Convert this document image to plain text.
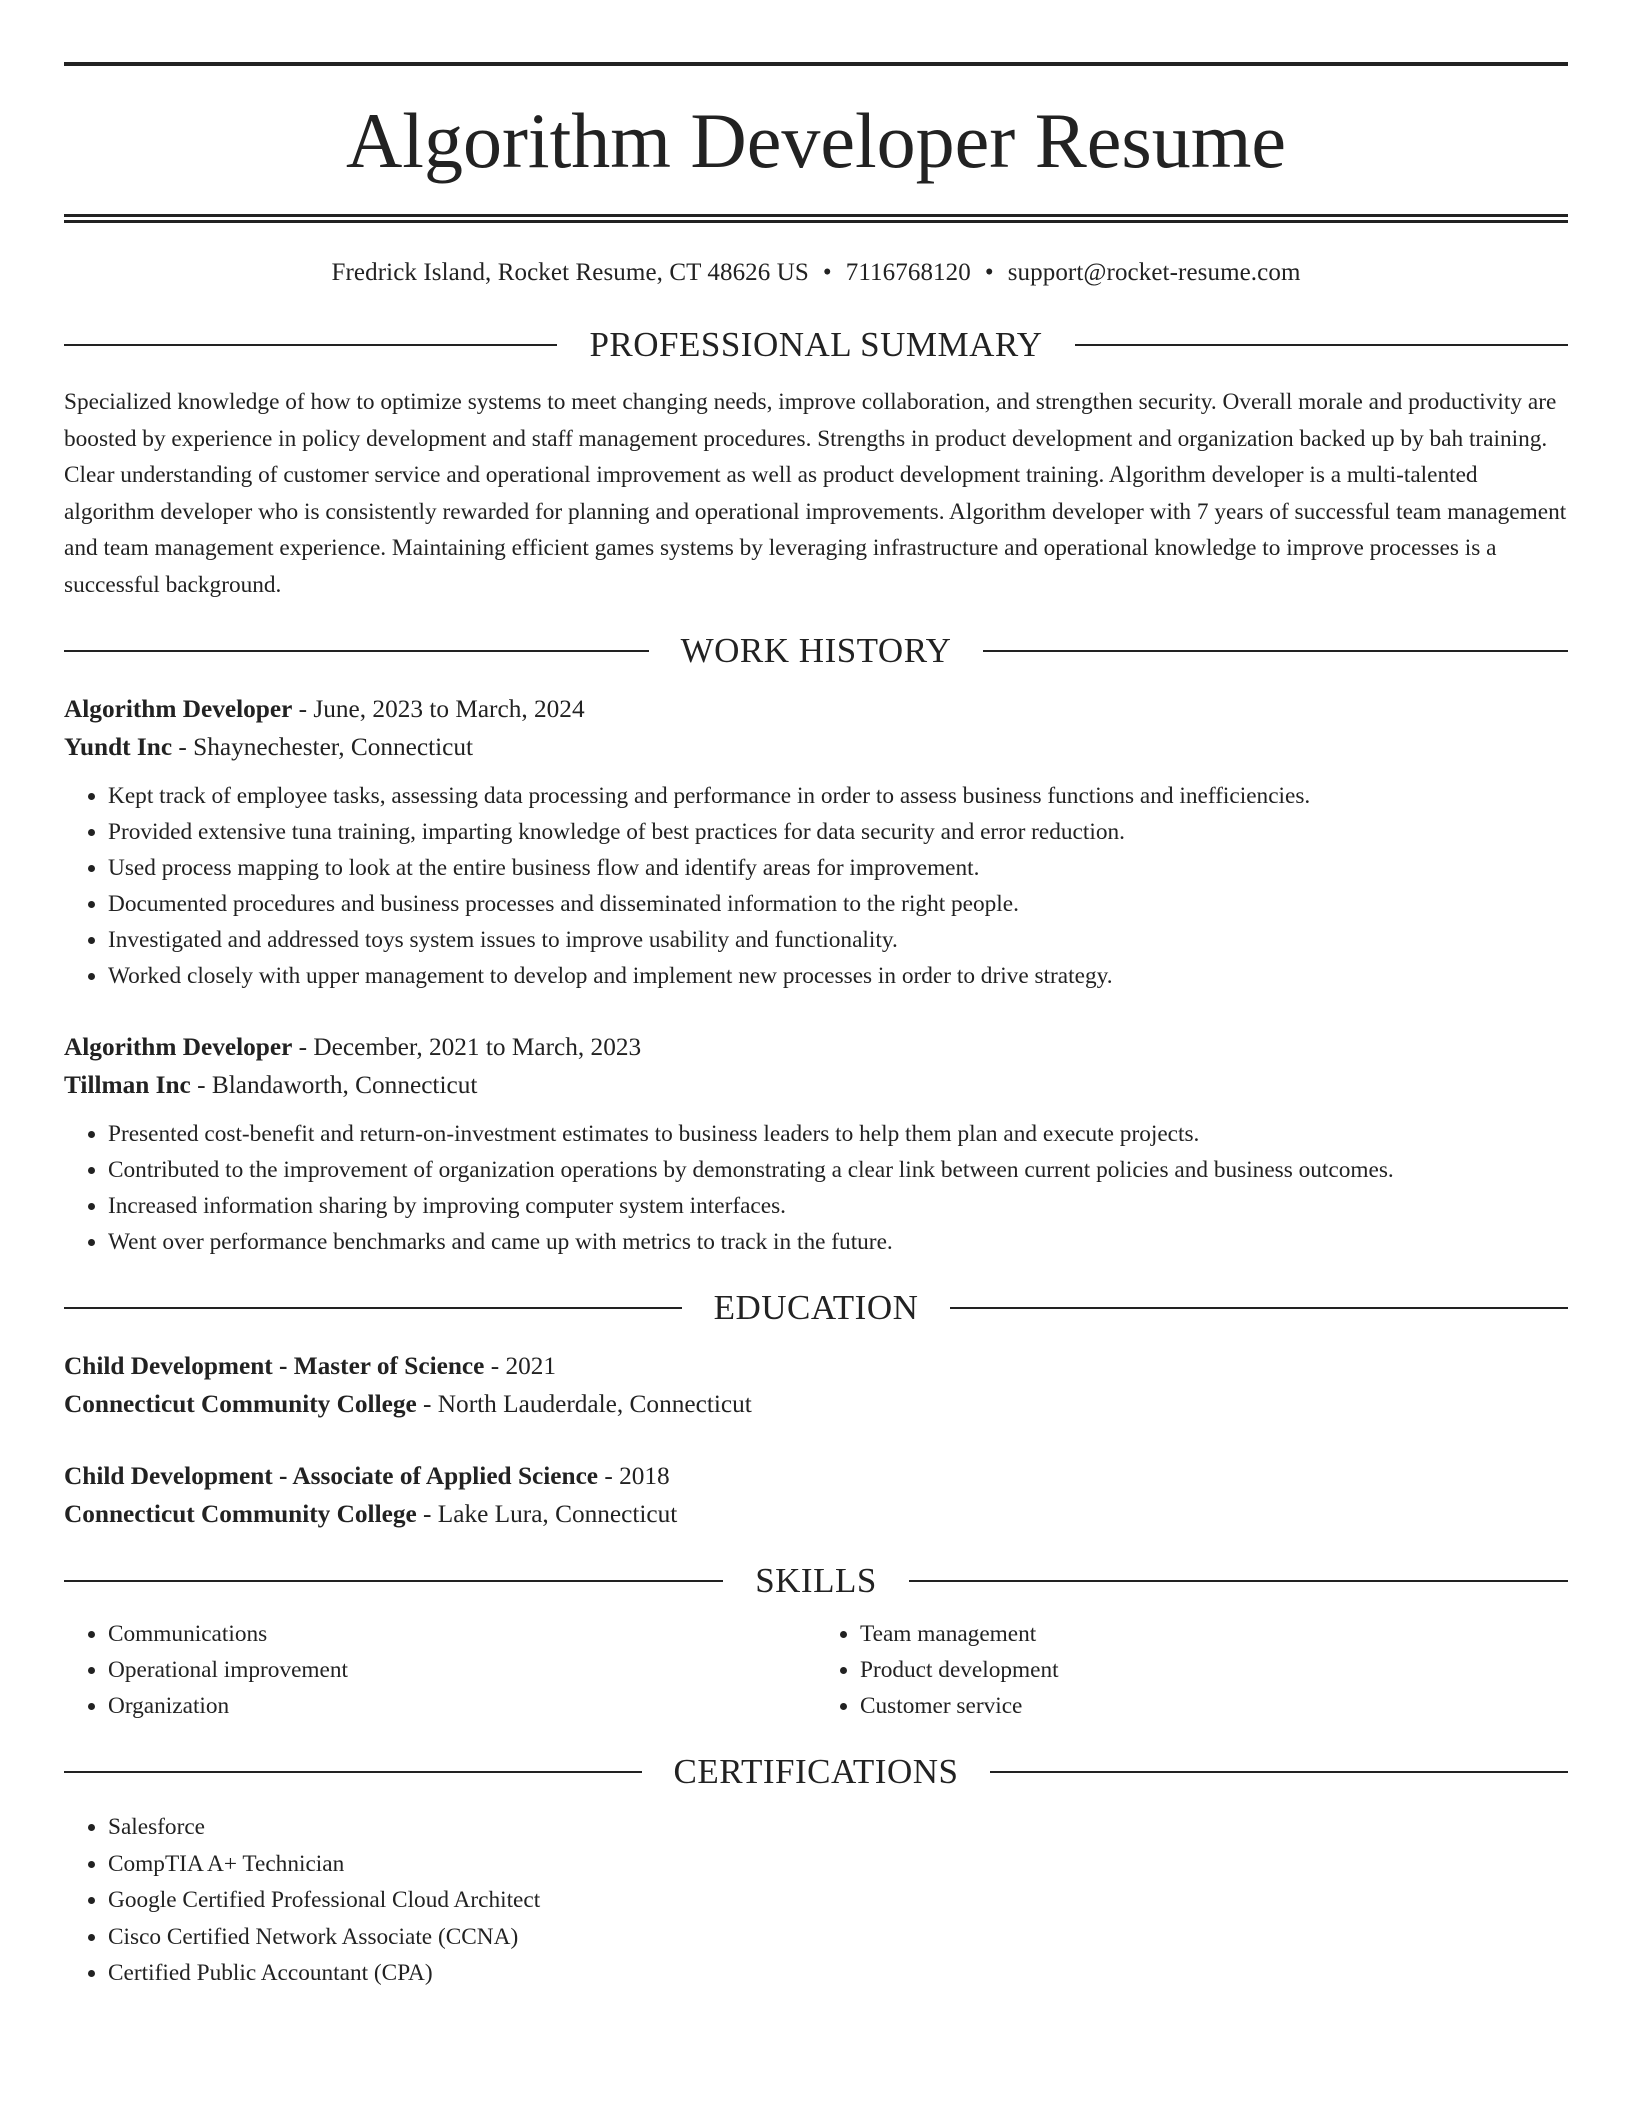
Algorithm Developer Resume

Fredrick Island, Rocket Resume, CT 48626 US • 7116768120 • support@rocket-resume.com

PROFESSIONAL SUMMARY

Specialized knowledge of how to optimize systems to meet changing needs, improve collaboration, and strengthen security. Overall morale and productivity are boosted by experience in policy development and staff management procedures. Strengths in product development and organization backed up by bah training. Clear understanding of customer service and operational improvement as well as product development training. Algorithm developer is a multi-talented algorithm developer who is consistently rewarded for planning and operational improvements. Algorithm developer with 7 years of successful team management and team management experience. Maintaining efficient games systems by leveraging infrastructure and operational knowledge to improve processes is a successful background.

WORK HISTORY

Algorithm Developer - June, 2023 to March, 2024

Yundt Inc - Shaynechester, Connecticut

• Kept track of employee tasks, assessing data processing and performance in order to assess business functions and inefficiencies.
• Provided extensive tuna training, imparting knowledge of best practices for data security and error reduction.
• Used process mapping to look at the entire business flow and identify areas for improvement.
• Documented procedures and business processes and disseminated information to the right people.
• Investigated and addressed toys system issues to improve usability and functionality.
• Worked closely with upper management to develop and implement new processes in order to drive strategy.

Algorithm Developer - December, 2021 to March, 2023

Tillman Inc - Blandaworth, Connecticut

• Presented cost-benefit and return-on-investment estimates to business leaders to help them plan and execute projects.
• Contributed to the improvement of organization operations by demonstrating a clear link between current policies and business outcomes.
• Increased information sharing by improving computer system interfaces.
• Went over performance benchmarks and came up with metrics to track in the future.
EDUCATION

Child Development - Master of Science - 2021

Connecticut Community College - North Lauderdale, Connecticut

Child Development - Associate of Applied Science - 2018

Connecticut Community College - Lake Lura, Connecticut

SKILLS
• Communications
• Operational improvement
• Organization
• Team management
• Product development
• Customer service
CERTIFICATIONS
• Salesforce
• CompTIA A+ Technician
• Google Certified Professional Cloud Architect
• Cisco Certified Network Associate (CCNA)
• Certified Public Accountant (CPA)
